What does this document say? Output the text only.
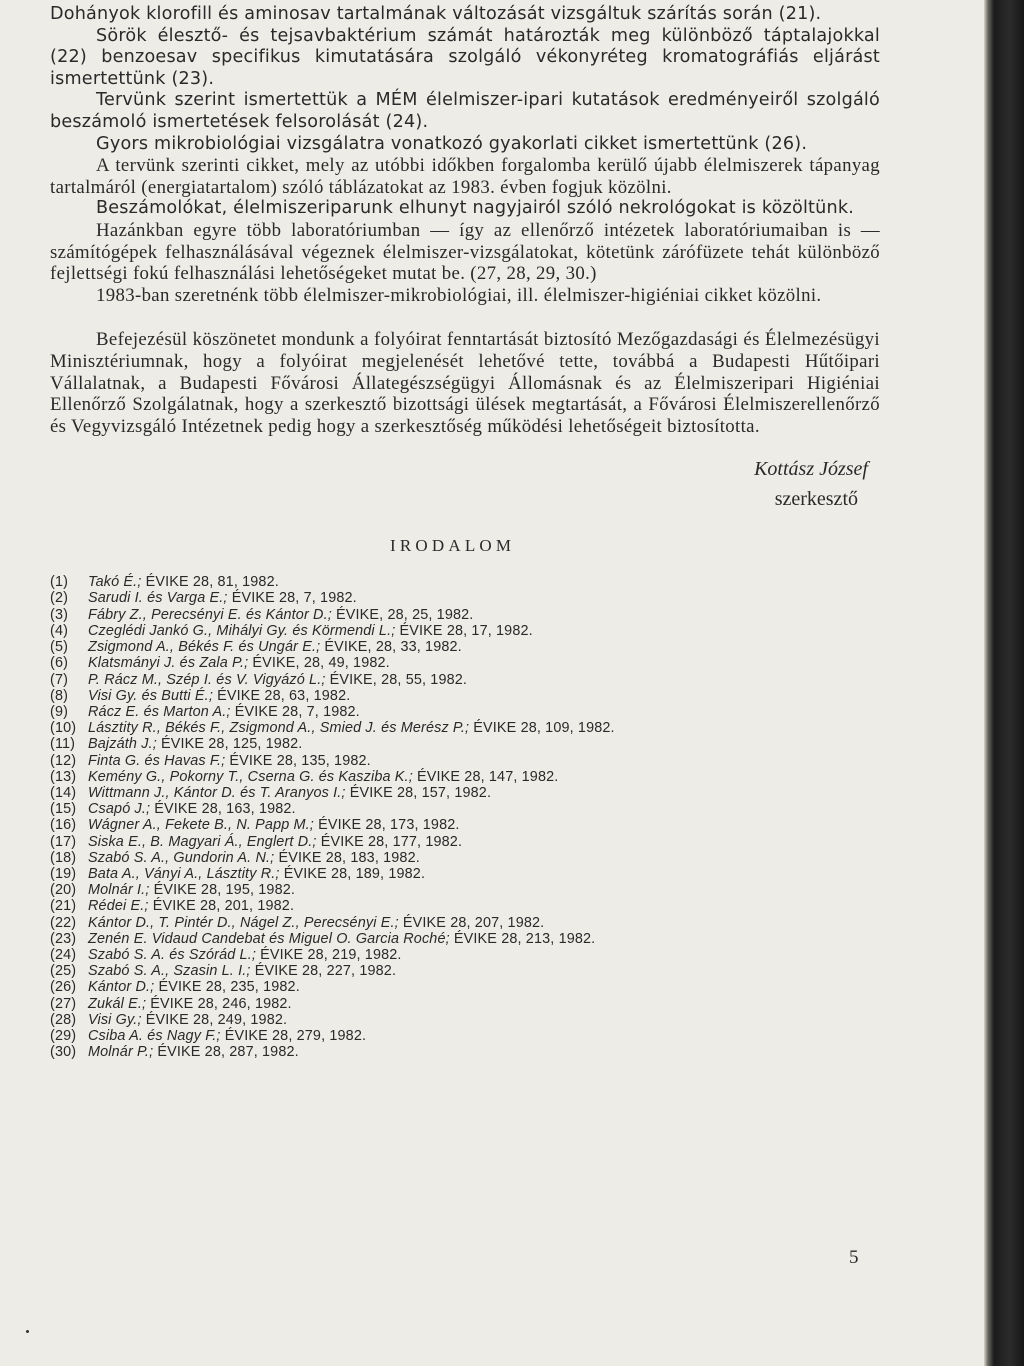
Dohányok klorofill és aminosav tartalmának változását vizsgáltuk szárítás során (21).

Sörök élesztő- és tejsavbaktérium számát határozták meg különböző táptalajokkal (22) benzoesav specifikus kimutatására szolgáló vékonyréteg kromatográfiás eljárást ismertettünk (23).

Tervünk szerint ismertettük a MÉM élelmiszer-ipari kutatások eredményeiről szolgáló beszámoló ismertetések felsorolását (24).

Gyors mikrobiológiai vizsgálatra vonatkozó gyakorlati cikket ismertettünk (26).

A tervünk szerinti cikket, mely az utóbbi időkben forgalomba kerülő újabb élelmiszerek tápanyag tartalmáról (energiatartalom) szóló táblázatokat az 1983. évben fogjuk közölni.

Beszámolókat, élelmiszeriparunk elhunyt nagyjairól szóló nekrológokat is közöltünk.

Hazánkban egyre több laboratóriumban — így az ellenőrző intézetek laboratóriumaiban is — számítógépek felhasználásával végeznek élelmiszer-vizsgálatokat, kötetünk zárófüzete tehát különböző fejlettségi fokú felhasználási lehetőségeket mutat be. (27, 28, 29, 30.)

1983-ban szeretnénk több élelmiszer-mikrobiológiai, ill. élelmiszer-higiéniai cikket közölni.

Befejezésül köszönetet mondunk a folyóirat fenntartását biztosító Mezőgazdasági és Élelmezésügyi Minisztériumnak, hogy a folyóirat megjelenését lehetővé tette, továbbá a Budapesti Hűtőipari Vállalatnak, a Budapesti Fővárosi Állategészségügyi Állomásnak és az Élelmiszeripari Higiéniai Ellenőrző Szolgálatnak, hogy a szerkesztő bizottsági ülések megtartását, a Fővárosi Élelmiszerellenőrző és Vegyvizsgáló Intézetnek pedig hogy a szerkesztőség működési lehetőségeit biztosította.

Kottász József
szerkesztő
IRODALOM
(1) Takó É.; ÉVIKE 28, 81, 1982.
(2) Sarudi I. és Varga E.; ÉVIKE 28, 7, 1982.
(3) Fábry Z., Perecsényi E. és Kántor D.; ÉVIKE, 28, 25, 1982.
(4) Czeglédi Jankó G., Mihályi Gy. és Körmendi L.; ÉVIKE 28, 17, 1982.
(5) Zsigmond A., Békés F. és Ungár E.; ÉVIKE, 28, 33, 1982.
(6) Klatsmányi J. és Zala P.; ÉVIKE, 28, 49, 1982.
(7) P. Rácz M., Szép I. és V. Vigyázó L.; ÉVIKE, 28, 55, 1982.
(8) Visi Gy. és Butti É.; ÉVIKE 28, 63, 1982.
(9) Rácz E. és Marton A.; ÉVIKE 28, 7, 1982.
(10) Lásztity R., Békés F., Zsigmond A., Smied J. és Merész P.; ÉVIKE 28, 109, 1982.
(11) Bajzáth J.; ÉVIKE 28, 125, 1982.
(12) Finta G. és Havas F.; ÉVIKE 28, 135, 1982.
(13) Kemény G., Pokorny T., Cserna G. és Kasziba K.; ÉVIKE 28, 147, 1982.
(14) Wittmann J., Kántor D. és T. Aranyos I.; ÉVIKE 28, 157, 1982.
(15) Csapó J.; ÉVIKE 28, 163, 1982.
(16) Wágner A., Fekete B., N. Papp M.; ÉVIKE 28, 173, 1982.
(17) Siska E., B. Magyari Á., Englert D.; ÉVIKE 28, 177, 1982.
(18) Szabó S. A., Gundorin A. N.; ÉVIKE 28, 183, 1982.
(19) Bata A., Ványi A., Lásztity R.; ÉVIKE 28, 189, 1982.
(20) Molnár I.; ÉVIKE 28, 195, 1982.
(21) Rédei E.; ÉVIKE 28, 201, 1982.
(22) Kántor D., T. Pintér D., Nágel Z., Perecsényi E.; ÉVIKE 28, 207, 1982.
(23) Zenén E. Vidaud Candebat és Miguel O. Garcia Roché; ÉVIKE 28, 213, 1982.
(24) Szabó S. A. és Szórád L.; ÉVIKE 28, 219, 1982.
(25) Szabó S. A., Szasin L. I.; ÉVIKE 28, 227, 1982.
(26) Kántor D.; ÉVIKE 28, 235, 1982.
(27) Zukál E.; ÉVIKE 28, 246, 1982.
(28) Visi Gy.; ÉVIKE 28, 249, 1982.
(29) Csiba A. és Nagy F.; ÉVIKE 28, 279, 1982.
(30) Molnár P.; ÉVIKE 28, 287, 1982.
5
